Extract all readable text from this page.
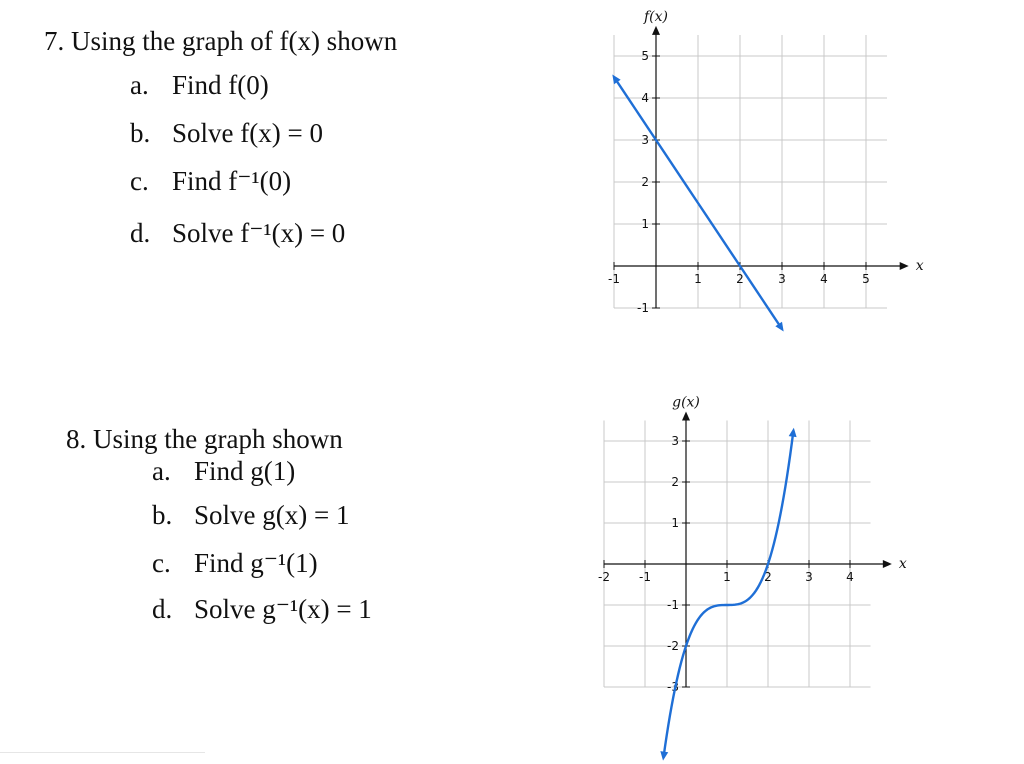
7. Using the graph of f(x) shown
a. Find f(0)
b. Solve f(x) = 0
c. Find f⁻¹(0)
d. Solve f⁻¹(x) = 0
8. Using the graph shown
a. Find g(1)
b. Solve g(x) = 1
c. Find g⁻¹(1)
d. Solve g⁻¹(x) = 1
-1	1	2	3	4	5
-1
1
2
3
4
5
x
f(x)
-2 -1	1	2	3	4
-3
-2
-1
1
2
3
x
g(x)
